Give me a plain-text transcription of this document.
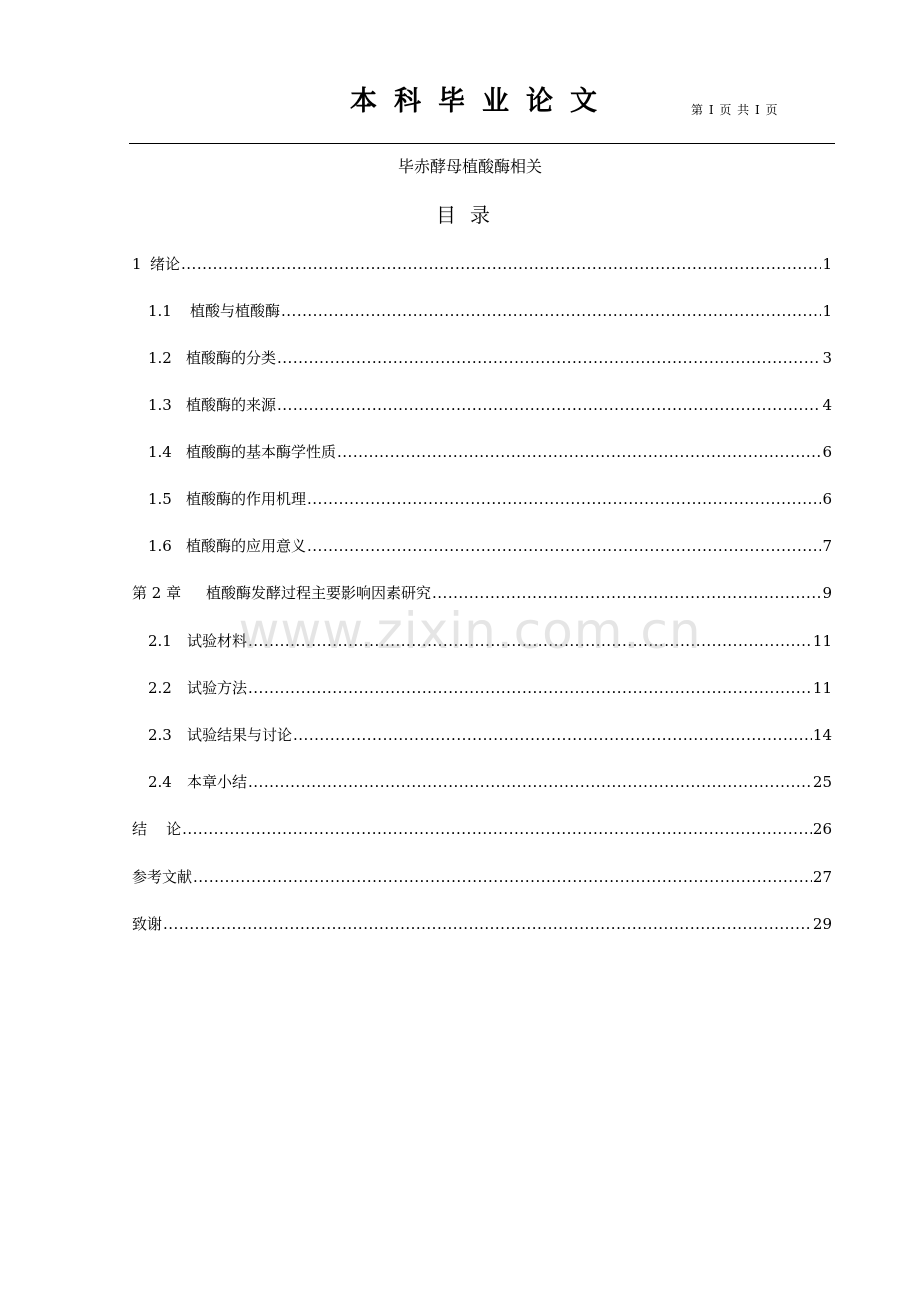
本科毕业论文	第 I 页 共 I 页
毕赤酵母植酸酶相关
目录
1 绪论 .....	1
1.1	植酸与植酸酶 .....	1
1.2 植酸酶的分类 .....	3
1.3 植酸酶的来源 .....	4
1.4 植酸酶的基本酶学性质 .....	6
1.5 植酸酶的作用机理 .....	6
1.6 植酸酶的应用意义 .....	7
第 2 章	植酸酶发酵过程主要影响因素研究 .....	9
2.1	试验材料 .....	11
2.2	试验方法 .....	11
2.3	试验结果与讨论 .....	14
2.4	本章小结 .....	25
结    论 .....	26
参考文献 .....	27
致谢 .....	29
www.zixin.com.cn
